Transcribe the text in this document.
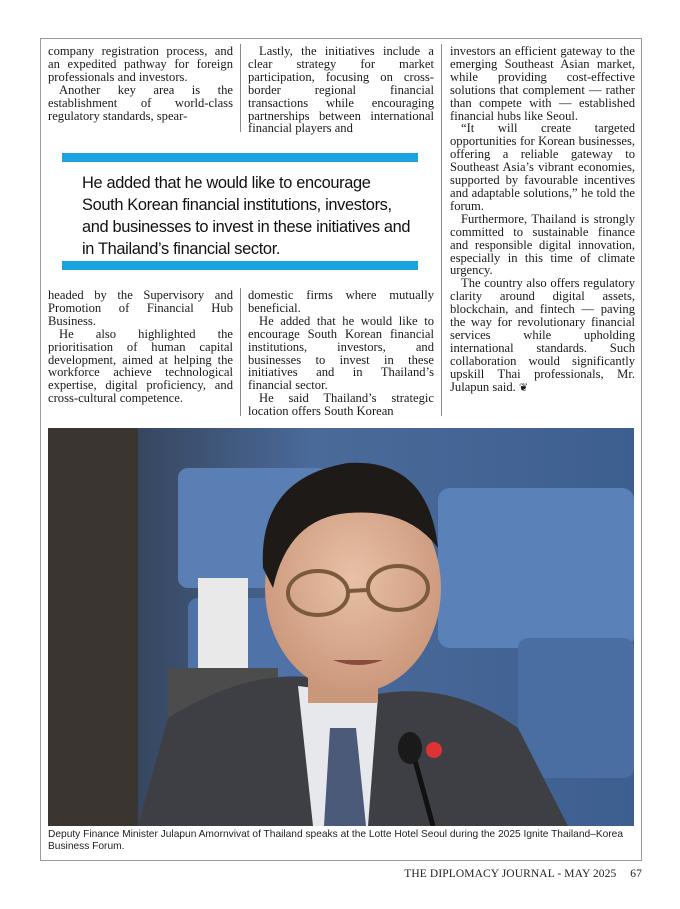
company registration process, and an expedited pathway for foreign professionals and investors.

Another key area is the establishment of world-class regulatory standards, spear-

Lastly, the initiatives include a clear strategy for market participation, focusing on cross-border regional financial transactions while encouraging partnerships between international financial players and

investors an efficient gateway to the emerging Southeast Asian market, while providing cost-effective solutions that complement — rather than compete with — established financial hubs like Seoul.

“It will create targeted opportunities for Korean businesses, offering a reliable gateway to Southeast Asia’s vibrant economies, supported by favourable incentives and adaptable solutions,” he told the forum.

Furthermore, Thailand is strongly committed to sustainable finance and responsible digital innovation, especially in this time of climate urgency.

The country also offers regulatory clarity around digital assets, blockchain, and fintech — paving the way for revolutionary financial services while upholding international standards. Such collaboration would significantly upskill Thai professionals, Mr. Julapun said. ❦

He added that he would like to encourage South Korean financial institutions, investors, and businesses to invest in these initiatives and in Thailand’s financial sector.

headed by the Supervisory and Promotion of Financial Hub Business.

He also highlighted the prioritisation of human capital development, aimed at helping the workforce achieve technological expertise, digital proficiency, and cross-cultural competence.

domestic firms where mutually beneficial.

He added that he would like to encourage South Korean financial institutions, investors, and businesses to invest in these initiatives and in Thailand’s financial sector.

He said Thailand’s strategic location offers South Korean

Deputy Finance Minister Julapun Amornvivat of Thailand speaks at the Lotte Hotel Seoul during the 2025 Ignite Thailand–Korea Business Forum.
THE DIPLOMACY JOURNAL - MAY 2025 67
